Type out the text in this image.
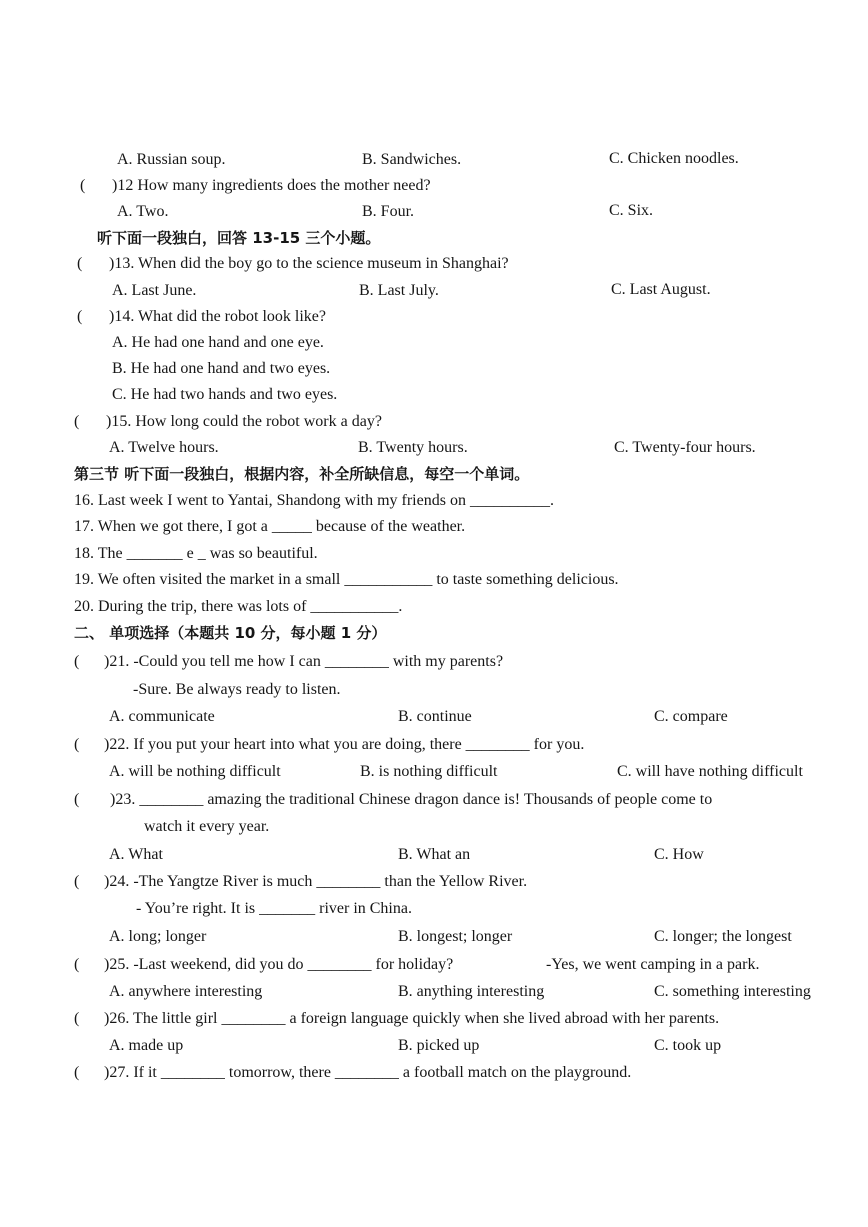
A. Russian soup.	B. Sandwiches.	C. Chicken noodles.
( )12 How many ingredients does the mother need?
A. Two.	B. Four.	C. Six.
听下面一段独白，回答 13-15 三个小题。
( )13. When did the boy go to the science museum in Shanghai?
A. Last June.	B. Last July.	C. Last August.
( )14. What did the robot look like?
A. He had one hand and one eye.
B. He had one hand and two eyes.
C. He had two hands and two eyes.
( )15. How long could the robot work a day?
A. Twelve hours.	B. Twenty hours.	C. Twenty-four hours.
第三节 听下面一段独白，根据内容，补全所缺信息，每空一个单词。
16. Last week I went to Yantai, Shandong with my friends on __________.
17. When we got there, I got a _____ because of the weather.
18. The _______ e _ was so beautiful.
19. We often visited the market in a small ___________ to taste something delicious.
20. During the trip, there was lots of ___________.
二、 单项选择（本题共 10 分，每小题 1 分）
( )21. -Could you tell me how I can ________ with my parents?
-Sure. Be always ready to listen.
A. communicate	B. continue	C. compare
( )22. If you put your heart into what you are doing, there ________ for you.
A. will be nothing difficult	B. is nothing difficult	C. will have nothing difficult
( )23. ________ amazing the traditional Chinese dragon dance is! Thousands of people come to
watch it every year.
A. What	B. What an	C. How
( )24. -The Yangtze River is much ________ than the Yellow River.
- You’re right. It is _______ river in China.
A. long; longer	B. longest; longer	C. longer; the longest
( )25. -Last weekend, did you do ________ for holiday?	-Yes, we went camping in a park.
A. anywhere interesting	B. anything interesting	C. something interesting
( )26. The little girl ________ a foreign language quickly when she lived abroad with her parents.
A. made up	B. picked up	C. took up
( )27. If it ________ tomorrow, there ________ a football match on the playground.
